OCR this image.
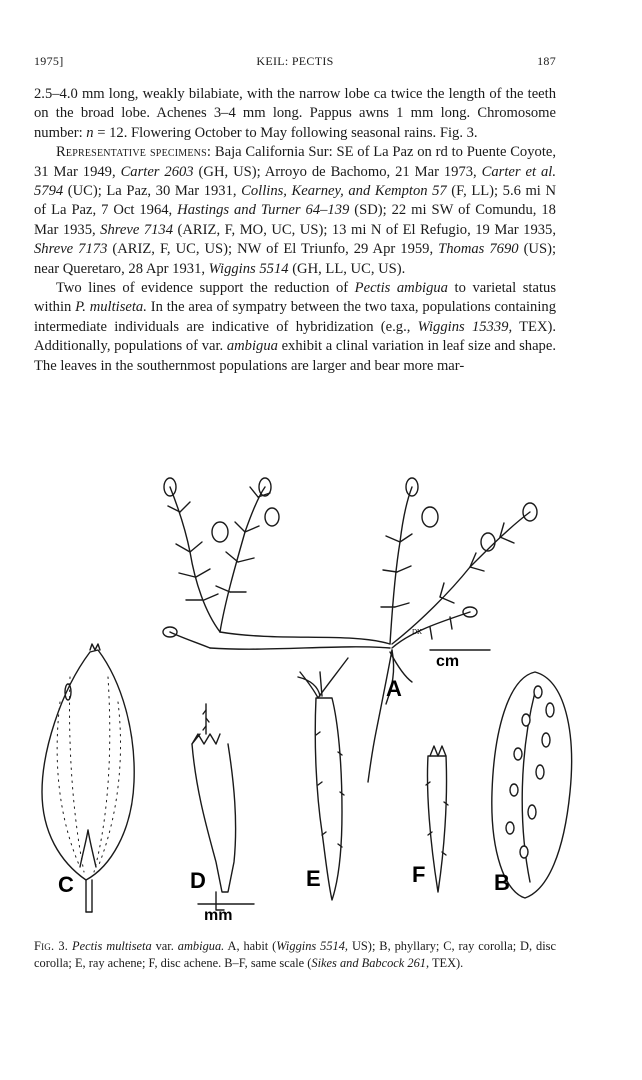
1975]	KEIL: PECTIS	187

2.5–4.0 mm long, weakly bilabiate, with the narrow lobe ca twice the length of the teeth on the broad lobe. Achenes 3–4 mm long. Pappus awns 1 mm long. Chromosome number: n = 12. Flowering October to May following seasonal rains. Fig. 3.

Representative specimens: Baja California Sur: SE of La Paz on rd to Puente Coyote, 31 Mar 1949, Carter 2603 (GH, US); Arroyo de Bachomo, 21 Mar 1973, Carter et al. 5794 (UC); La Paz, 30 Mar 1931, Collins, Kearney, and Kempton 57 (F, LL); 5.6 mi N of La Paz, 7 Oct 1964, Hastings and Turner 64–139 (SD); 22 mi SW of Comundu, 18 Mar 1935, Shreve 7134 (ARIZ, F, MO, UC, US); 13 mi N of El Refugio, 19 Mar 1935, Shreve 7173 (ARIZ, F, UC, US); NW of El Triunfo, 29 Apr 1959, Thomas 7690 (US); near Queretaro, 28 Apr 1931, Wiggins 5514 (GH, LL, UC, US).

Two lines of evidence support the reduction of Pectis ambigua to varietal status within P. multiseta. In the area of sympatry between the two taxa, populations containing intermediate individuals are indicative of hybridization (e.g., Wiggins 15339, TEX). Additionally, populations of var. ambigua exhibit a clinal variation in leaf size and shape. The leaves in the southernmost populations are larger and bear more mar-

A
B
C	D	E	F
cm
mm
DK
Fig. 3. Pectis multiseta var. ambigua. A, habit (Wiggins 5514, US); B, phyllary; C, ray corolla; D, disc corolla; E, ray achene; F, disc achene. B–F, same scale (Sikes and Babcock 261, TEX).
